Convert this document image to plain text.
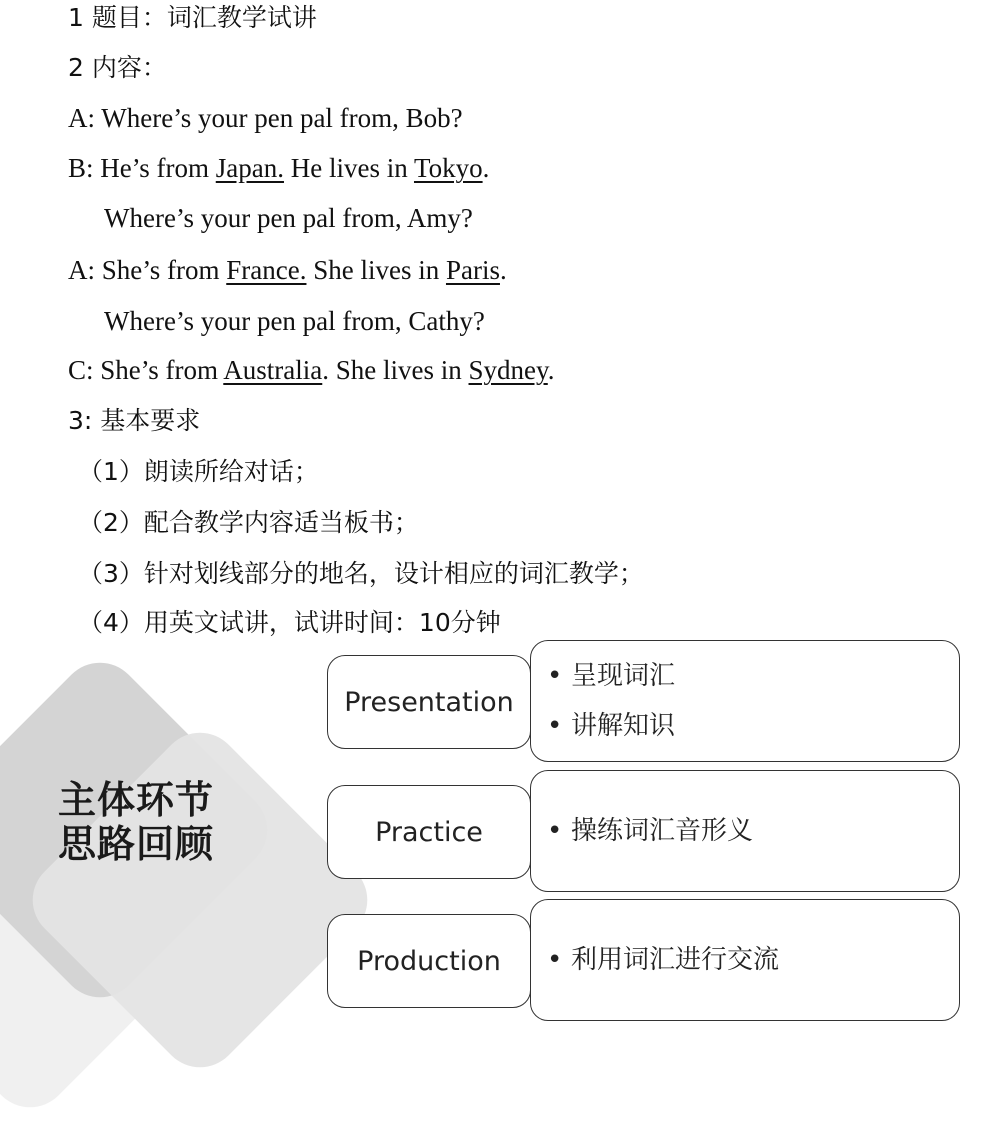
1 题目：词汇教学试讲
2 内容：
A: Where’s your pen pal from, Bob?
B: He’s from Japan. He lives in Tokyo.
Where’s your pen pal from, Amy?
A: She’s from France. She lives in Paris.
Where’s your pen pal from, Cathy?
C: She’s from Australia. She lives in Sydney.
3: 基本要求
（1）朗读所给对话；
（2）配合教学内容适当板书；
（3）针对划线部分的地名，设计相应的词汇教学；
（4）用英文试讲，试讲时间：10分钟
主体环节
思路回顾
Presentation
• 呈现词汇
• 讲解知识
Practice	• 操练词汇音形义
Production	• 利用词汇进行交流
